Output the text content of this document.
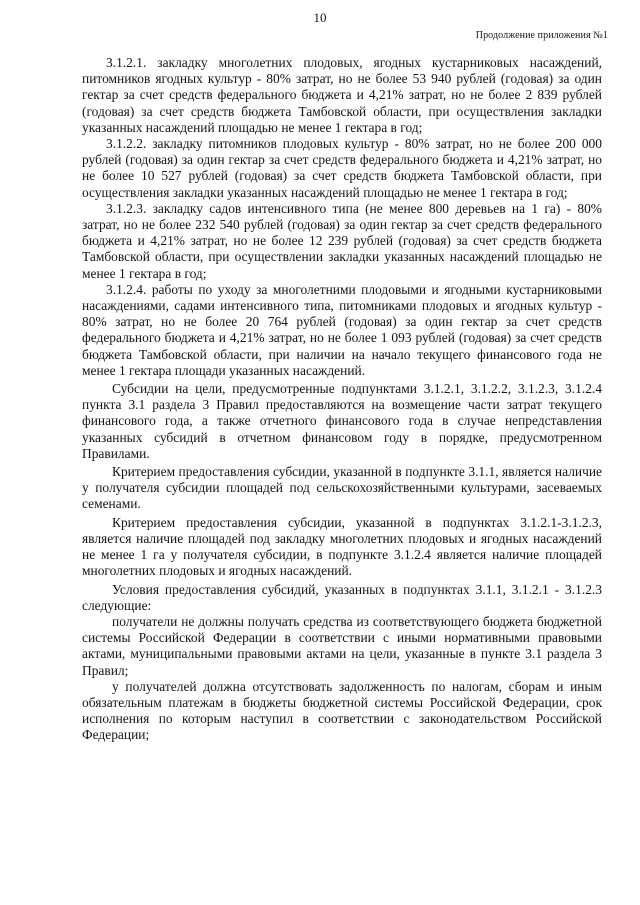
10
Продолжение приложения №1

3.1.2.1. закладку многолетних плодовых, ягодных кустарниковых насаждений, питомников ягодных культур - 80% затрат, но не более 53 940 рублей (годовая) за один гектар за счет средств федерального бюджета и 4,21% затрат, но не более 2 839 рублей (годовая) за счет средств бюджета Тамбовской области, при осуществления закладки указанных насаждений площадью не менее 1 гектара в год;

3.1.2.2. закладку питомников плодовых культур - 80% затрат, но не более 200 000 рублей (годовая) за один гектар за счет средств федерального бюджета и 4,21% затрат, но не более 10 527 рублей (годовая) за счет средств бюджета Тамбовской области, при осуществления закладки указанных насаждений площадью не менее 1 гектара в год;

3.1.2.3. закладку садов интенсивного типа (не менее 800 деревьев на 1 га) - 80% затрат, но не более 232 540 рублей (годовая) за один гектар за счет средств федерального бюджета и 4,21% затрат, но не более 12 239 рублей (годовая) за счет средств бюджета Тамбовской области, при осуществлении закладки указанных насаждений площадью не менее 1 гектара в год;

3.1.2.4. работы по уходу за многолетними плодовыми и ягодными кустарниковыми насаждениями, садами интенсивного типа, питомниками плодовых и ягодных культур - 80% затрат, но не более 20 764 рублей (годовая) за один гектар за счет средств федерального бюджета и 4,21% затрат, но не более 1 093 рублей (годовая) за счет средств бюджета Тамбовской области, при наличии на начало текущего финансового года не менее 1 гектара площади указанных насаждений.

Субсидии на цели, предусмотренные подпунктами 3.1.2.1, 3.1.2.2, 3.1.2.3, 3.1.2.4 пункта 3.1 раздела 3 Правил предоставляются на возмещение части затрат текущего финансового года, а также отчетного финансового года в случае непредставления указанных субсидий в отчетном финансовом году в порядке, предусмотренном Правилами.

Критерием предоставления субсидии, указанной в подпункте 3.1.1, является наличие у получателя субсидии площадей под сельскохозяйственными культурами, засеваемых семенами.

Критерием предоставления субсидии, указанной в подпунктах 3.1.2.1-3.1.2.3, является наличие площадей под закладку многолетних плодовых и ягодных насаждений не менее 1 га у получателя субсидии, в подпункте 3.1.2.4 является наличие площадей многолетних плодовых и ягодных насаждений.

Условия предоставления субсидий, указанных в подпунктах 3.1.1, 3.1.2.1 - 3.1.2.3 следующие:

получатели не должны получать средства из соответствующего бюджета бюджетной системы Российской Федерации в соответствии с иными нормативными правовыми актами, муниципальными правовыми актами на цели, указанные в пункте 3.1 раздела 3 Правил;

у получателей должна отсутствовать задолженность по налогам, сборам и иным обязательным платежам в бюджеты бюджетной системы Российской Федерации, срок исполнения по которым наступил в соответствии с законодательством Российской Федерации;
